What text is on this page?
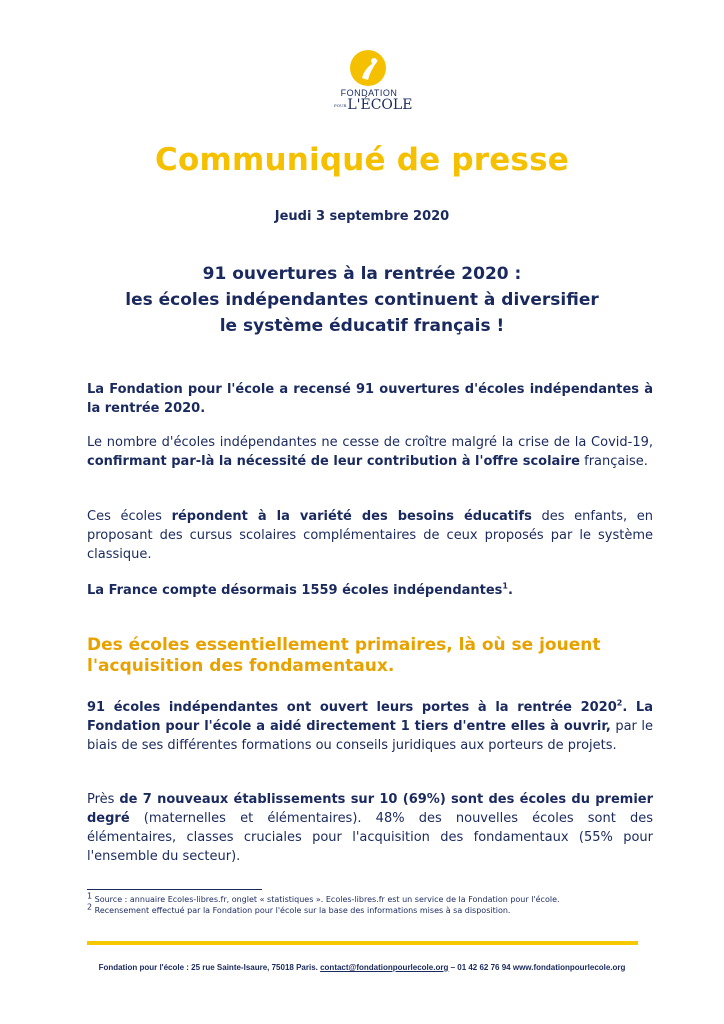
FONDATION
POURL'ÉCOLE
Communiqué de presse
Jeudi 3 septembre 2020
91 ouvertures à la rentrée 2020 :
les écoles indépendantes continuent à diversifier
le système éducatif français !
La Fondation pour l'école a recensé 91 ouvertures d'écoles indépendantes à la rentrée 2020.
Le nombre d'écoles indépendantes ne cesse de croître malgré la crise de la Covid-19, confirmant par-là la nécessité de leur contribution à l'offre scolaire française.
Ces écoles répondent à la variété des besoins éducatifs des enfants, en proposant des cursus scolaires complémentaires de ceux proposés par le système classique.
La France compte désormais 1559 écoles indépendantes$^1$.
Des écoles essentiellement primaires, là où se jouent l'acquisition des fondamentaux.
91 écoles indépendantes ont ouvert leurs portes à la rentrée 2020$^2$. La Fondation pour l'école a aidé directement 1 tiers d'entre elles à ouvrir, par le biais de ses différentes formations ou conseils juridiques aux porteurs de projets.
Près de 7 nouveaux établissements sur 10 (69%) sont des écoles du premier degré (maternelles et élémentaires). 48% des nouvelles écoles sont des élémentaires, classes cruciales pour l'acquisition des fondamentaux (55% pour l'ensemble du secteur).
$^1$ Source : annuaire Ecoles-libres.fr, onglet « statistiques ». Ecoles-libres.fr est un service de la Fondation pour l'école.
$^2$ Recensement effectué par la Fondation pour l'école sur la base des informations mises à sa disposition.
Fondation pour l'école : 25 rue Sainte-Isaure, 75018 Paris. contact@fondationpourlecole.org – 01 42 62 76 94 www.fondationpourlecole.org
